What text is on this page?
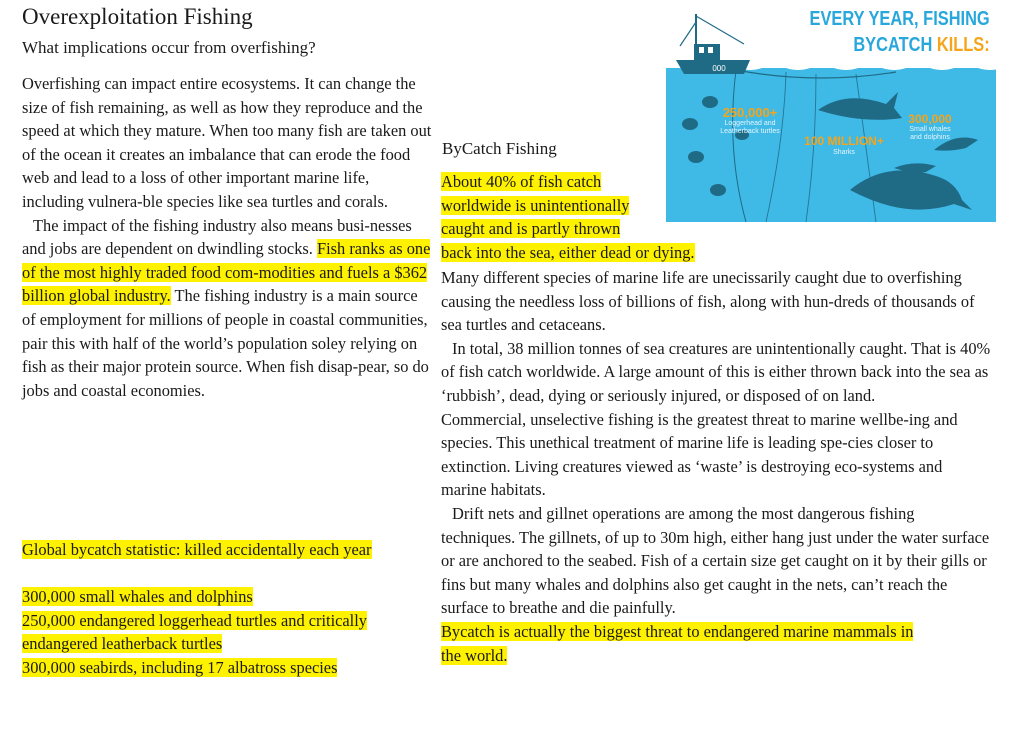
Overexploitation Fishing
What implications occur from overfishing?

Overfishing can impact entire ecosystems. It can change the size of fish remaining, as well as how they reproduce and the speed at which they mature. When too many fish are taken out of the ocean it creates an imbalance that can erode the food web and lead to a loss of other important marine life, including vulnera-ble species like sea turtles and corals.

The impact of the fishing industry also means busi-nesses and jobs are dependent on dwindling stocks. Fish ranks as one of the most highly traded food com-modities and fuels a $362 billion global industry. The fishing industry is a main source of employment for millions of people in coastal communities, pair this with half of the world’s population soley relying on fish as their major protein source. When fish disap-pear, so do jobs and coastal economies.

Global bycatch statistic: killed accidentally each year
300,000 small whales and dolphins
250,000 endangered loggerhead turtles and critically endangered leatherback turtles
300,000 seabirds, including 17 albatross species
ByCatch Fishing
About 40% of fish catch
worldwide is unintentionally
caught and is partly thrown
back into the sea, either dead or dying.

Many different species of marine life are unecissarily caught due to overfishing causing the needless loss of billions of fish, along with hun-dreds of thousands of sea turtles and cetaceans.

In total, 38 million tonnes of sea creatures are unintentionally caught. That is 40% of fish catch worldwide. A large amount of this is either thrown back into the sea as ‘rubbish’, dead, dying or seriously injured, or disposed of on land.

Commercial, unselective fishing is the greatest threat to marine wellbe-ing and species. This unethical treatment of marine life is leading spe-cies closer to extinction. Living creatures viewed as ‘waste’ is destroying eco-systems and marine habitats.

Drift nets and gillnet operations are among the most dangerous fishing techniques. The gillnets, of up to 30m high, either hang just under the water surface or are anchored to the seabed. Fish of a certain size get caught on it by their gills or fins but many whales and dolphins also get caught in the nets, can’t reach the surface to breathe and die painfully.

Bycatch is actually the biggest threat to endangered marine mammals in
the world.

EVERY YEAR, FISHING
BYCATCH KILLS:
000
250,000+
Loggerhead and
Leatherback turtles
100 MILLION+
Sharks
300,000
Small whales
and dolphins
